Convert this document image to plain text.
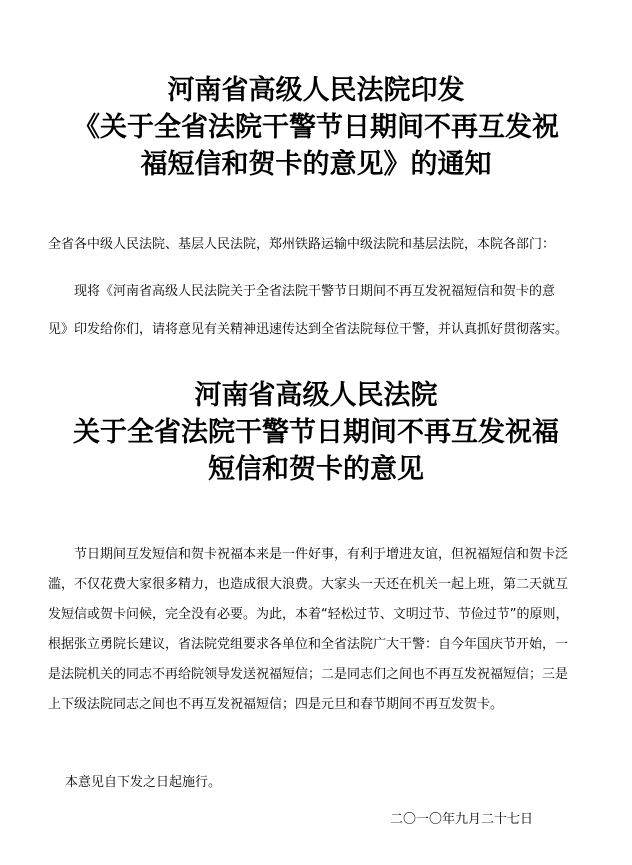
河南省高级人民法院印发
《关于全省法院干警节日期间不再互发祝
福短信和贺卡的意见》的通知

全省各中级人民法院、基层人民法院，郑州铁路运输中级法院和基层法院，本院各部门：

现将《河南省高级人民法院关于全省法院干警节日期间不再互发祝福短信和贺卡的意
见》印发给你们，请将意见有关精神迅速传达到全省法院每位干警，并认真抓好贯彻落实。
河南省高级人民法院
关于全省法院干警节日期间不再互发祝福
短信和贺卡的意见
节日期间互发短信和贺卡祝福本来是一件好事，有利于增进友谊，但祝福短信和贺卡泛
滥，不仅花费大家很多精力，也造成很大浪费。大家头一天还在机关一起上班，第二天就互
发短信或贺卡问候，完全没有必要。为此，本着“轻松过节、文明过节、节俭过节”的原则，
根据张立勇院长建议，省法院党组要求各单位和全省法院广大干警：自今年国庆节开始，一
是法院机关的同志不再给院领导发送祝福短信；二是同志们之间也不再互发祝福短信；三是
上下级法院同志之间也不再互发祝福短信；四是元旦和春节期间不再互发贺卡。

本意见自下发之日起施行。

二〇一〇年九月二十七日
